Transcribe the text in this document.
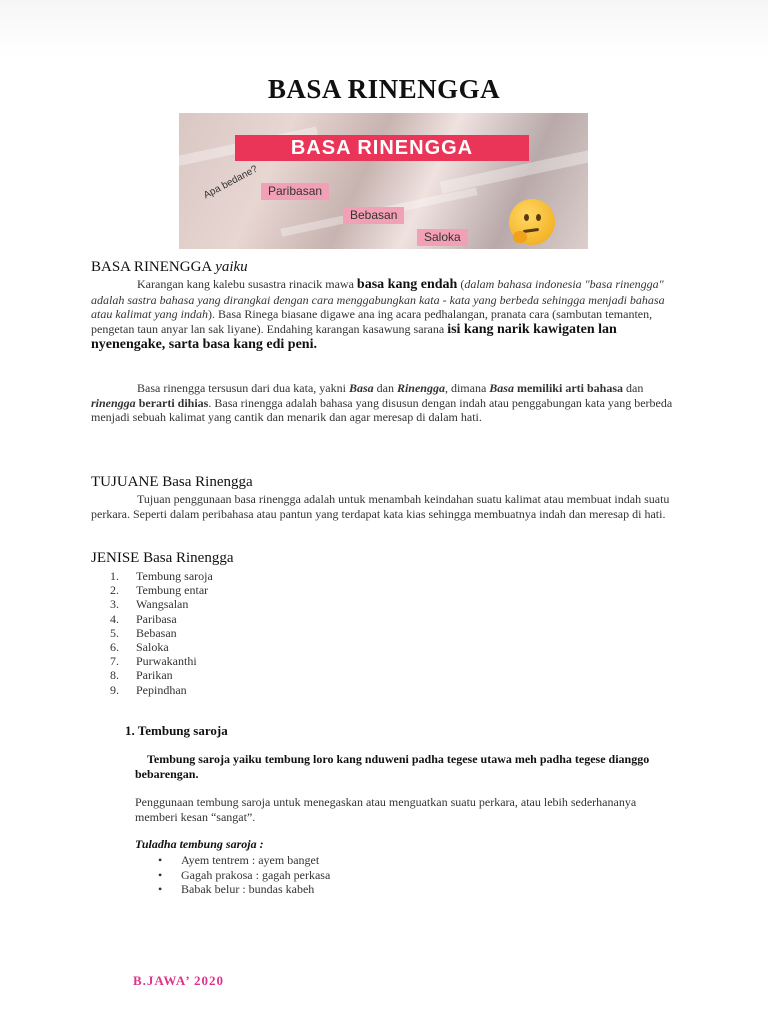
BASA RINENGGA
BASA RINENGGA
Apa bedane? Paribasan
Bebasan
Saloka
BASA RINENGGA yaiku
Karangan kang kalebu susastra rinacik mawa basa kang endah (dalam bahasa indonesia "basa rinengga" adalah sastra bahasa yang dirangkai dengan cara menggabungkan kata - kata yang berbeda sehingga menjadi bahasa atau kalimat yang indah). Basa Rinega biasane digawe ana ing acara pedhalangan, pranata cara (sambutan temanten, pengetan taun anyar lan sak liyane). Endahing karangan kasawung sarana isi kang narik kawigaten lan nyenengake, sarta basa kang edi peni.
Basa rinengga tersusun dari dua kata, yakni Basa dan Rinengga, dimana Basa memiliki arti bahasa dan rinengga berarti dihias. Basa rinengga adalah bahasa yang disusun dengan indah atau penggabungan kata yang berbeda menjadi sebuah kalimat yang cantik dan menarik dan agar meresap di dalam hati.
TUJUANE Basa Rinengga
Tujuan penggunaan basa rinengga adalah untuk menambah keindahan suatu kalimat atau membuat indah suatu perkara. Seperti dalam peribahasa atau pantun yang terdapat kata kias sehingga membuatnya indah dan meresap di hati.
JENISE Basa Rinengga
1.	Tembung saroja
2.	Tembung entar
3.	Wangsalan
4.	Paribasa
5.	Bebasan
6.	Saloka
7.	Purwakanthi
8.	Parikan
9.	Pepindhan
1. Tembung saroja
Tembung saroja yaiku tembung loro kang nduweni padha tegese utawa meh padha tegese dianggo bebarengan.
Penggunaan tembung saroja untuk menegaskan atau menguatkan suatu perkara, atau lebih sederhananya memberi kesan “sangat”.
Tuladha tembung saroja :
•	Ayem tentrem : ayem banget
•	Gagah prakosa : gagah perkasa
•	Babak belur : bundas kabeh
B.JAWA’ 2020
